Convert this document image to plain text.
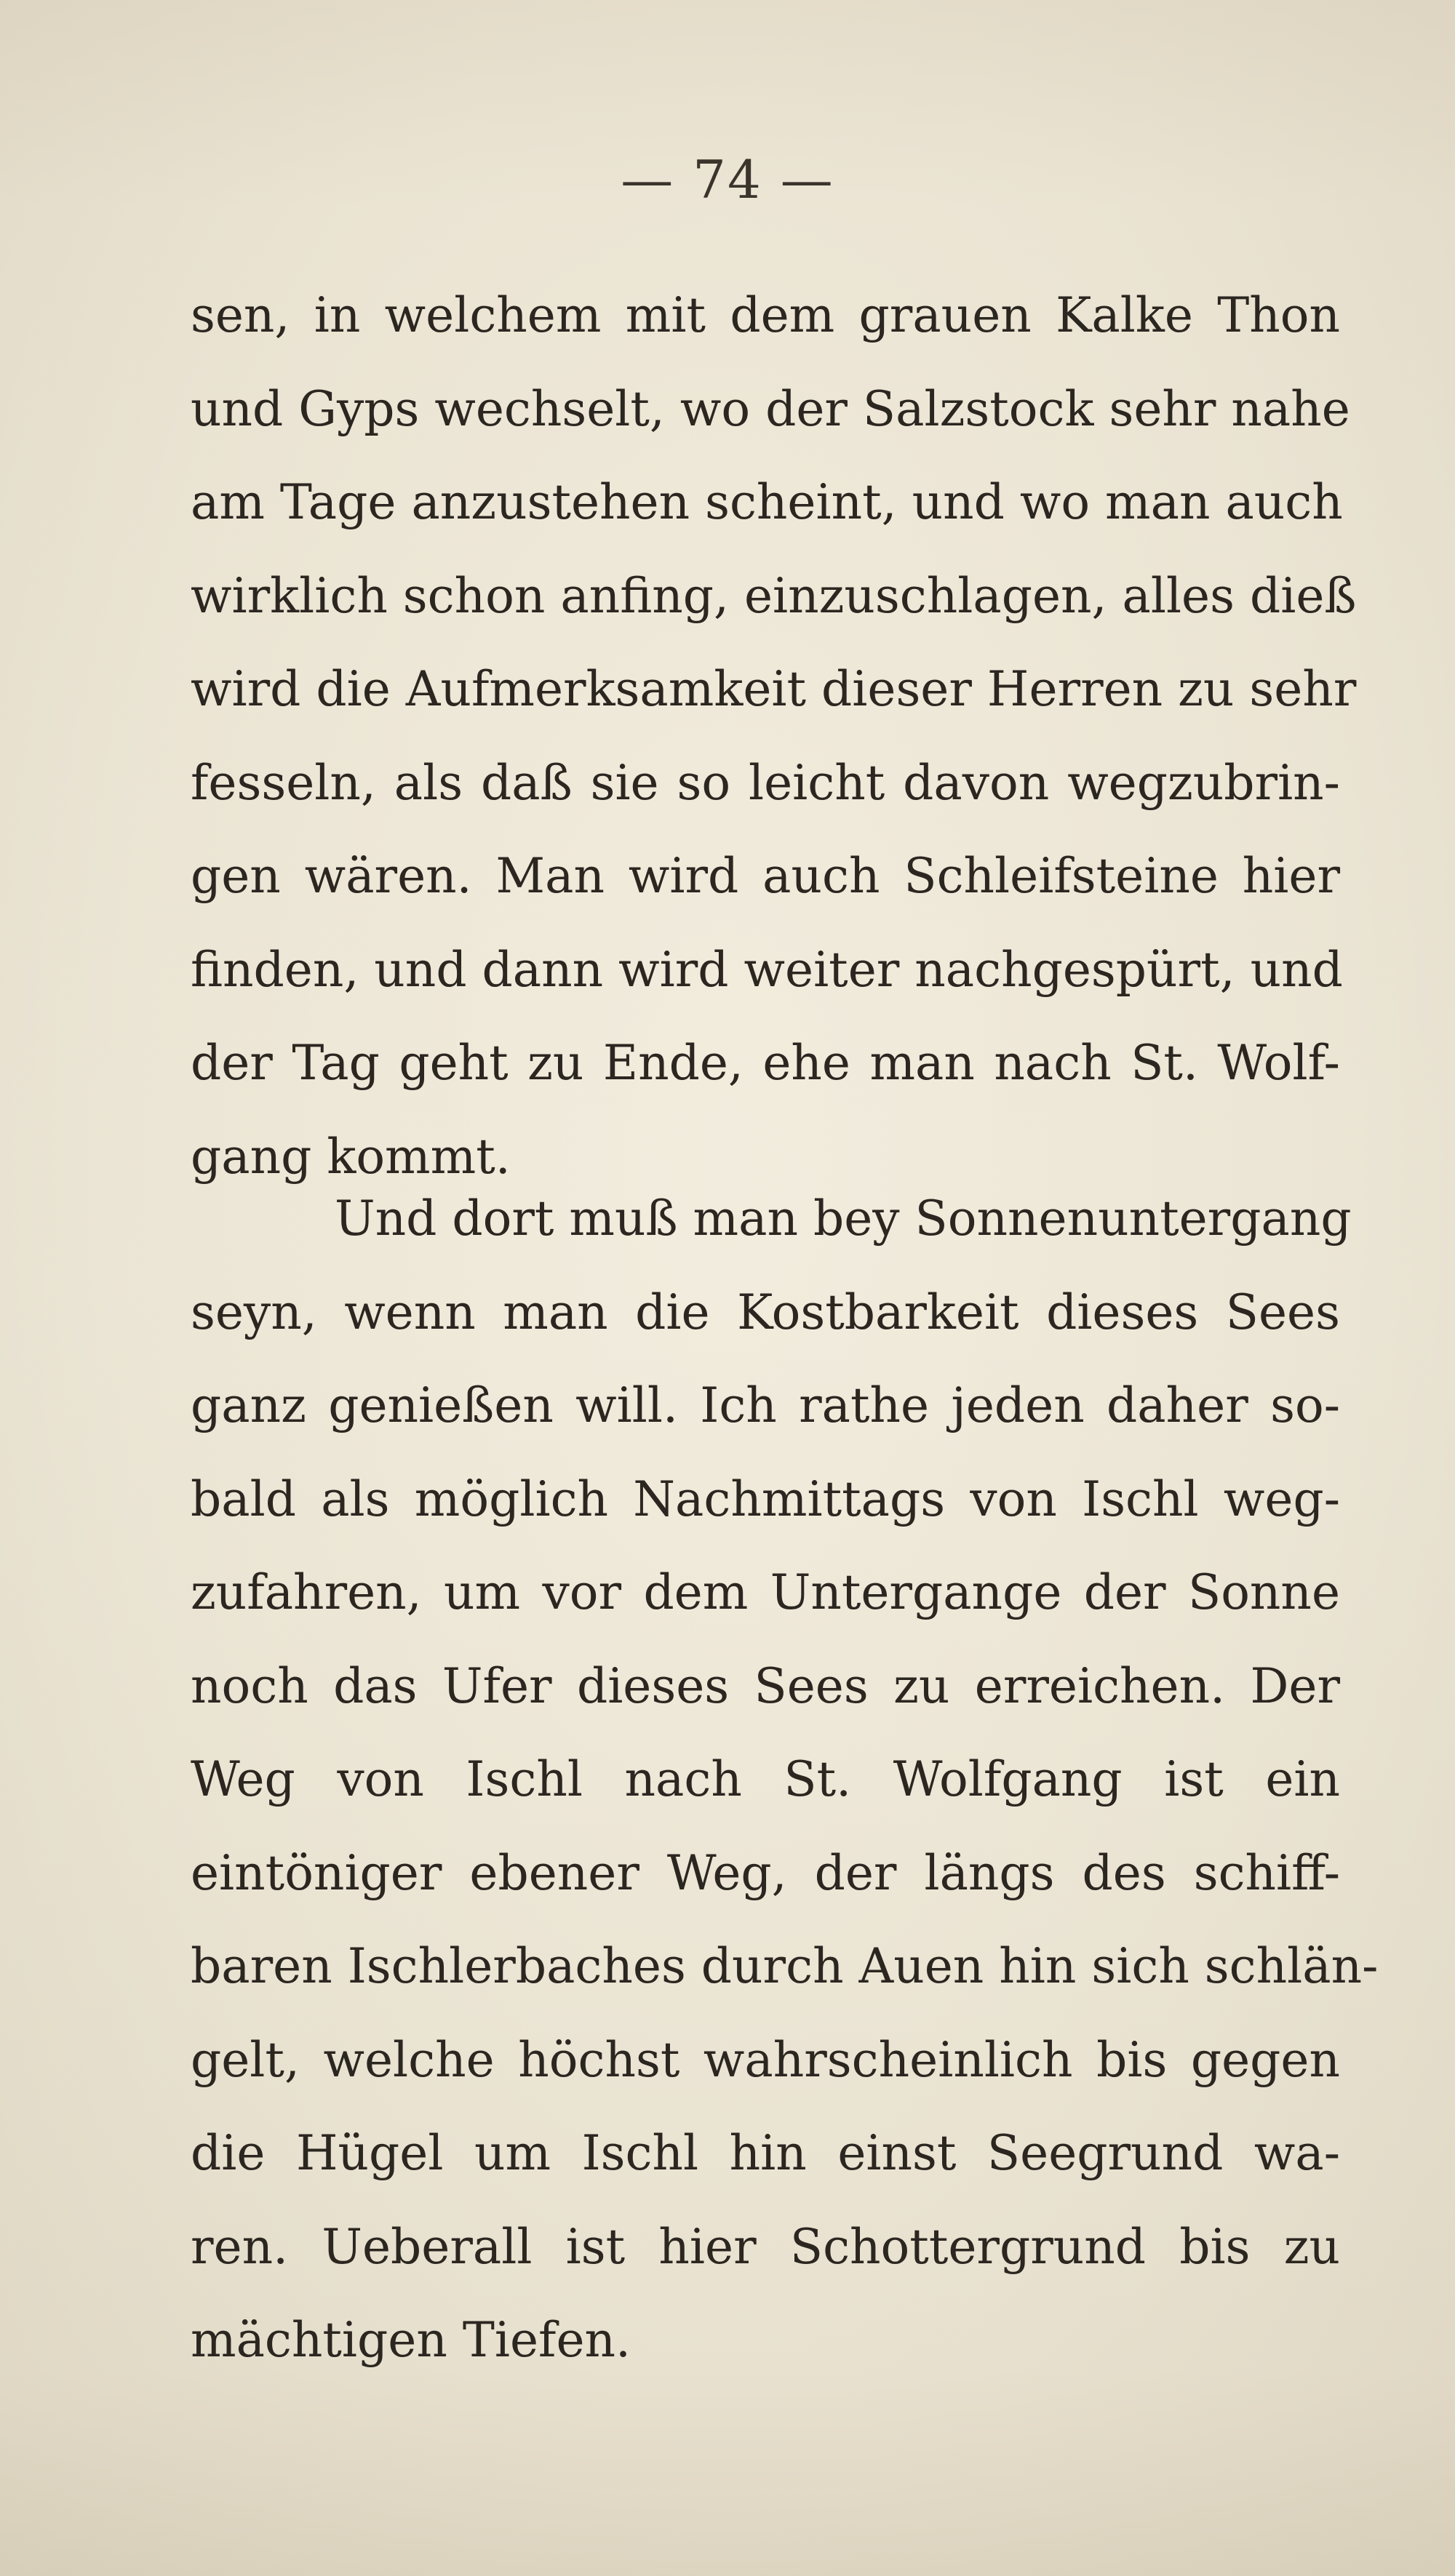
— 74 —
sen, in welchem mit dem grauen Kalke Thon
und Gyps wechselt, wo der Salzstock sehr nahe
am Tage anzustehen scheint, und wo man auch
wirklich schon anfing, einzuschlagen, alles dieß
wird die Aufmerksamkeit dieser Herren zu sehr
fesseln, als daß sie so leicht davon wegzubrin-
gen wären. Man wird auch Schleifsteine hier
finden, und dann wird weiter nachgespürt, und
der Tag geht zu Ende, ehe man nach St. Wolf-
gang kommt.
Und dort muß man bey Sonnenuntergang
seyn, wenn man die Kostbarkeit dieses Sees
ganz genießen will. Ich rathe jeden daher so-
bald als möglich Nachmittags von Ischl weg-
zufahren, um vor dem Untergange der Sonne
noch das Ufer dieses Sees zu erreichen. Der
Weg von Ischl nach St. Wolfgang ist ein
eintöniger ebener Weg, der längs des schiff-
baren Ischlerbaches durch Auen hin sich schlän-
gelt, welche höchst wahrscheinlich bis gegen
die Hügel um Ischl hin einst Seegrund wa-
ren. Ueberall ist hier Schottergrund bis zu
mächtigen Tiefen.
